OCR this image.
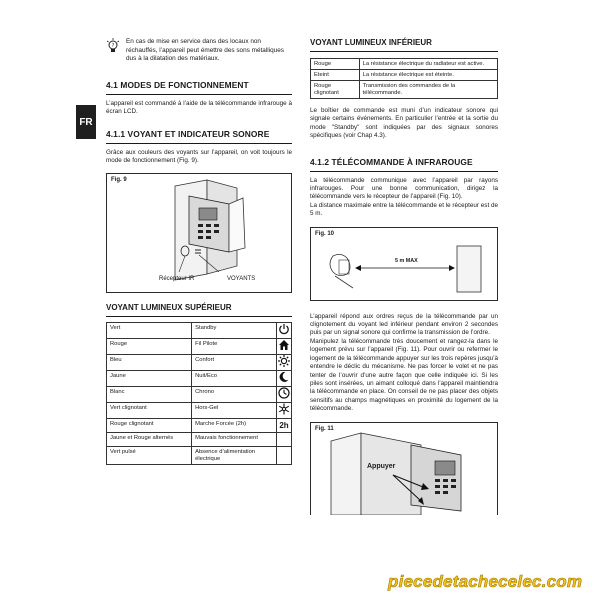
FR
?
En cas de mise en service dans des locaux non réchauffés, l’appareil peut émettre des sons métalliques dus à la dilatation des matériaux.
4.1 MODES DE FONCTIONNEMENT

L’appareil est commandé à l’aide de la télécommande infrarouge à écran LCD.

4.1.1 VOYANT ET INDICATEUR SONORE

Grâce aux couleurs des voyants sur l’appareil, on voit toujours le mode de fonctionnement (Fig. 9).

Fig. 9
Récepteur IR	VOYANTS
VOYANT LUMINEUX SUPÉRIEUR
Vert	Standby	
Rouge	Fil Pilote	
Bleu	Confort	
Jaune	Nuit/Eco	
Blanc	Chrono	
Vert clignotant	Hors-Gel	
Rouge clignotant	Marche Forcée (2h)	2h
Jaune et Rouge alternés	Mauvais fonctionnement	
Vert pulsé	Absence d’alimentation électrique	
VOYANT LUMINEUX INFÉRIEUR
Rouge	La résistance électrique du radiateur est active.
Eteint	La résistance électrique est éteinte.
Rouge clignotant	Transmission des commandes de la télécommande.

Le boîtier de commande est muni d’un indicateur sonore qui signale certains événements. En particulier l’entrée et la sortie du mode "Standby" sont indiquées par des signaux sonores spécifiques (voir Chap 4.3).

4.1.2 TÉLÉCOMMANDE À INFRAROUGE

La télécommande communique avec l’appareil par rayons infrarouges. Pour une bonne communication, dirigez la télécommande vers le récepteur de l’appareil (Fig. 10).

La distance maximale entre la télécommande et le récepteur est de 5 m.

Fig. 10
5 m MAX

L’appareil répond aux ordres reçus de la télécommande par un clignotement du voyant led inférieur pendant environ 2 secondes puis par un signal sonore qui confirme la transmission de l’ordre.

Manipulez la télécommande très doucement et rangez-la dans le logement prévu sur l’appareil (Fig. 11). Pour ouvrir ou refermer le logement de la télécommande appuyer sur les trois repères jusqu’à entendre le déclic du mécanisme. Ne pas forcer le volet et ne pas tenter de l’ouvrir d’une autre façon que celle indiquée ici. Si les piles sont insérées, un aimant colloqué dans l’appareil maintiendra la télécommande en place. On conseil de ne pas placer des objets sensitifs au champs magnétiques en proximité du logement de la télécommande.

Fig. 11
Appuyer
piecedetachecelec.com
